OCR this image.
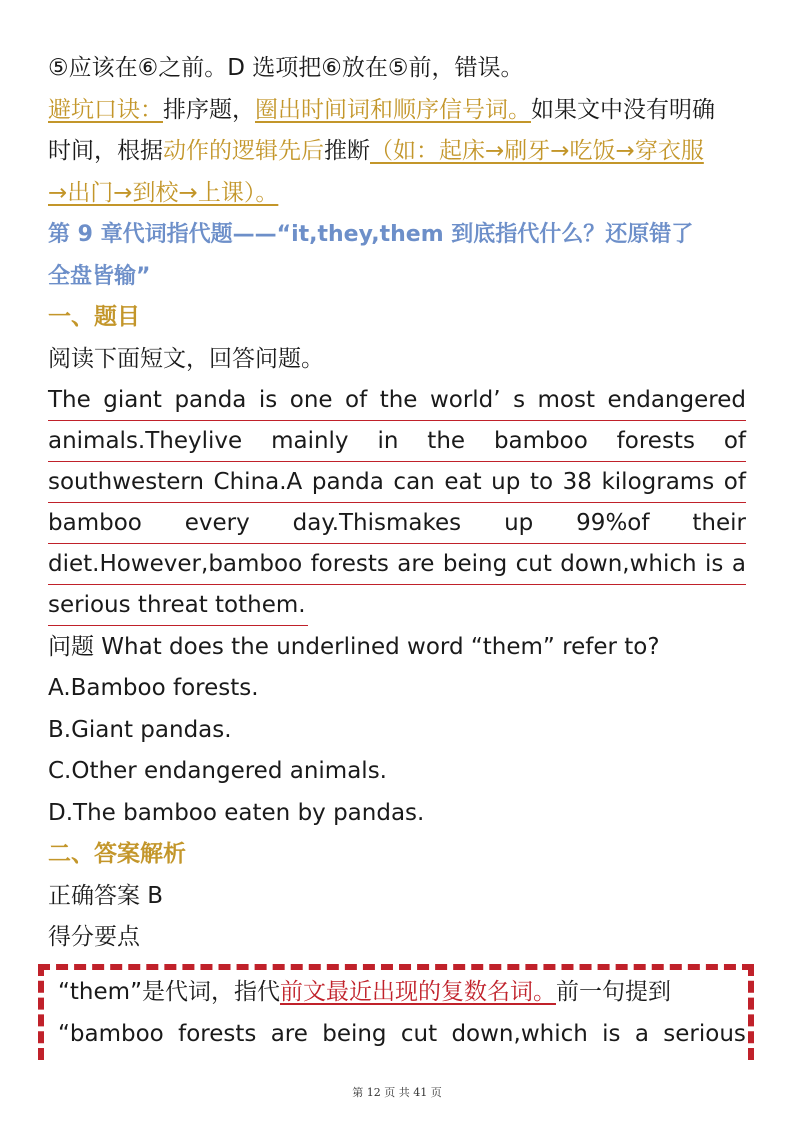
⑤应该在⑥之前。D 选项把⑥放在⑤前，错误。
避坑口诀：排序题，圈出时间词和顺序信号词。如果文中没有明确
时间，根据动作的逻辑先后推断（如：起床→刷牙→吃饭→穿衣服
→出门→到校→上课）。
第 9 章代词指代题——“it,they,them 到底指代什么？还原错了
全盘皆输”
一、题目
阅读下面短文，回答问题。
The giant panda is one of the world’ s most endangered
animals.Theylive mainly in the bamboo forests of
southwestern China.A panda can eat up to 38 kilograms of
bamboo every day.Thismakes up 99%of their
diet.However,bamboo forests are being cut down,which is a
serious threat tothem.
问题 What does the underlined word “them” refer to?
A.Bamboo forests.
B.Giant pandas.
C.Other endangered animals.
D.The bamboo eaten by pandas.
二、答案解析
正确答案 B
得分要点
“them”是代词，指代前文最近出现的复数名词。前一句提到
“bamboo forests are being cut down,which is a serious
第 12 页 共 41 页
